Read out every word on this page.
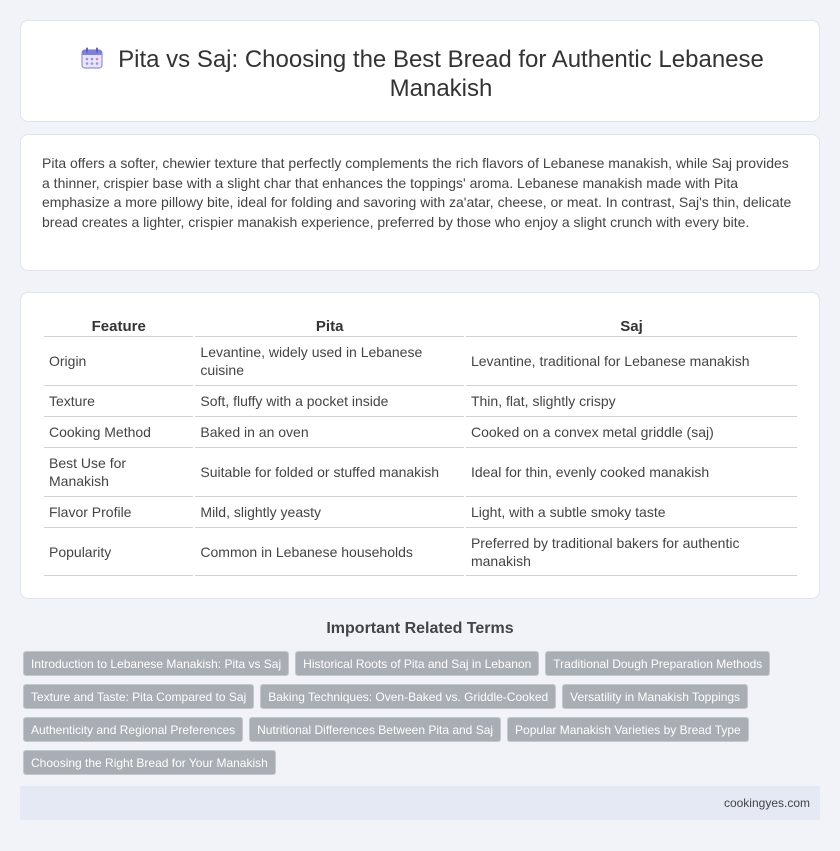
Pita vs Saj: Choosing the Best Bread for Authentic Lebanese Manakish

Pita offers a softer, chewier texture that perfectly complements the rich flavors of Lebanese manakish, while Saj provides a thinner, crispier base with a slight char that enhances the toppings' aroma. Lebanese manakish made with Pita emphasize a more pillowy bite, ideal for folding and savoring with za'atar, cheese, or meat. In contrast, Saj's thin, delicate bread creates a lighter, crispier manakish experience, preferred by those who enjoy a slight crunch with every bite.

Feature	Pita	Saj
Origin	Levantine, widely used in Lebanese cuisine	Levantine, traditional for Lebanese manakish
Texture	Soft, fluffy with a pocket inside	Thin, flat, slightly crispy
Cooking Method	Baked in an oven	Cooked on a convex metal griddle (saj)
Best Use for Manakish	Suitable for folded or stuffed manakish	Ideal for thin, evenly cooked manakish
Flavor Profile	Mild, slightly yeasty	Light, with a subtle smoky taste
Popularity	Common in Lebanese households	Preferred by traditional bakers for authentic manakish
Important Related Terms
Introduction to Lebanese Manakish: Pita vs Saj	Historical Roots of Pita and Saj in Lebanon	Traditional Dough Preparation Methods
Texture and Taste: Pita Compared to Saj	Baking Techniques: Oven-Baked vs. Griddle-Cooked	Versatility in Manakish Toppings
Authenticity and Regional Preferences	Nutritional Differences Between Pita and Saj	Popular Manakish Varieties by Bread Type
Choosing the Right Bread for Your Manakish
cookingyes.com
